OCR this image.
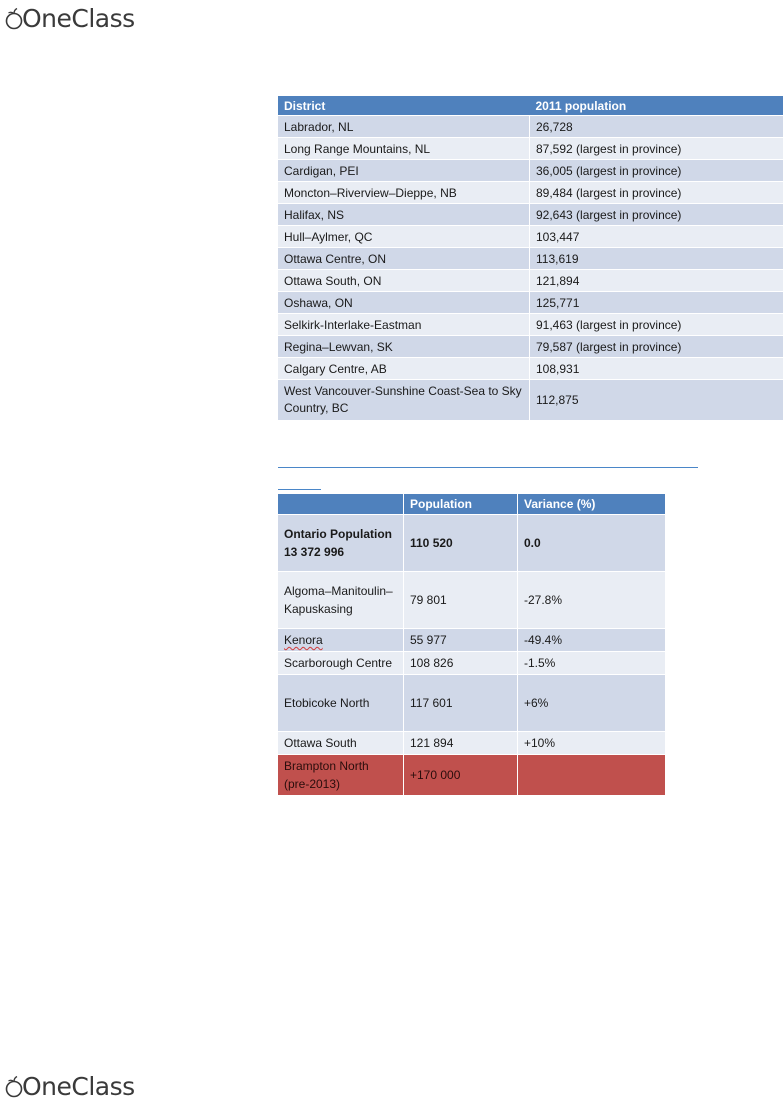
OneClass
District	2011 population
Labrador, NL	26,728
Long Range Mountains, NL	87,592 (largest in province)
Cardigan, PEI	36,005 (largest in province)
Moncton–Riverview–Dieppe, NB	89,484 (largest in province)
Halifax, NS	92,643 (largest in province)
Hull–Aylmer, QC	103,447
Ottawa Centre, ON	113,619
Ottawa South, ON	121,894
Oshawa, ON	125,771
Selkirk-Interlake-Eastman	91,463 (largest in province)
Regina–Lewvan, SK	79,587 (largest in province)
Calgary Centre, AB	108,931
West Vancouver-Sunshine Coast-Sea to Sky Country, BC	112,875
	Population	Variance (%)
Ontario Population 13 372 996	110 520	0.0
Algoma–Manitoulin–Kapuskasing	79 801	-27.8%
Kenora	55 977	-49.4%
Scarborough Centre	108 826	-1.5%
Etobicoke North	117 601	+6%
Ottawa South	121 894	+10%
Brampton North (pre-2013)	+170 000	
OneClass
